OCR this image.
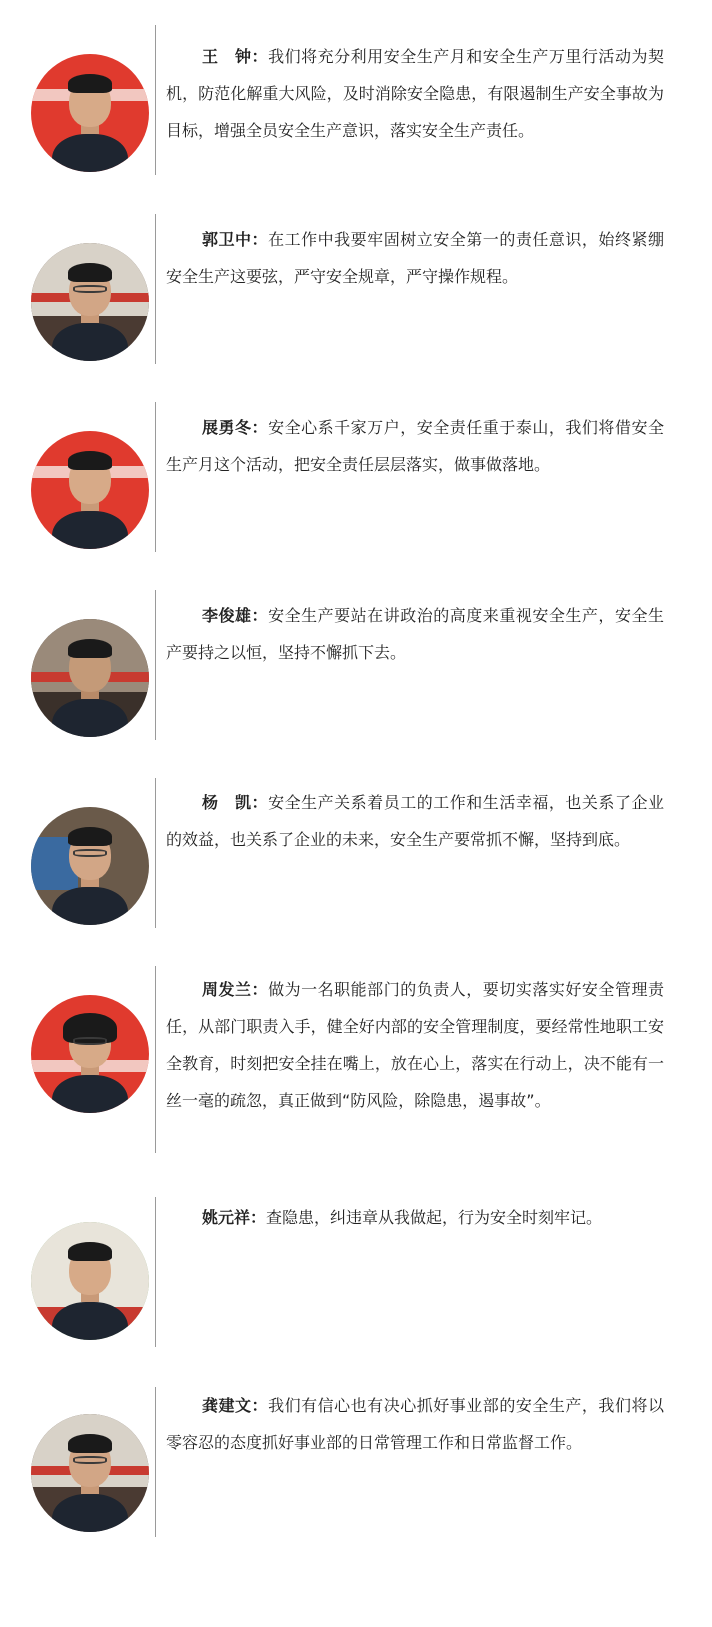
王　钟：我们将充分利用安全生产月和安全生产万里行活动为契机，防范化解重大风险，及时消除安全隐患，有限遏制生产安全事故为目标，增强全员安全生产意识，落实安全生产责任。

郭卫中：在工作中我要牢固树立安全第一的责任意识，始终紧绷安全生产这要弦，严守安全规章，严守操作规程。

展勇冬：安全心系千家万户，安全责任重于泰山，我们将借安全生产月这个活动，把安全责任层层落实，做事做落地。

李俊雄：安全生产要站在讲政治的高度来重视安全生产，安全生产要持之以恒，坚持不懈抓下去。

杨　凯：安全生产关系着员工的工作和生活幸福，也关系了企业的效益，也关系了企业的未来，安全生产要常抓不懈，坚持到底。

周发兰：做为一名职能部门的负责人，要切实落实好安全管理责任，从部门职责入手，健全好内部的安全管理制度，要经常性地职工安全教育，时刻把安全挂在嘴上，放在心上，落实在行动上，决不能有一丝一毫的疏忽，真正做到“防风险，除隐患，遏事故”。

姚元祥：查隐患，纠违章从我做起，行为安全时刻牢记。

龚建文：我们有信心也有决心抓好事业部的安全生产，我们将以零容忍的态度抓好事业部的日常管理工作和日常监督工作。
